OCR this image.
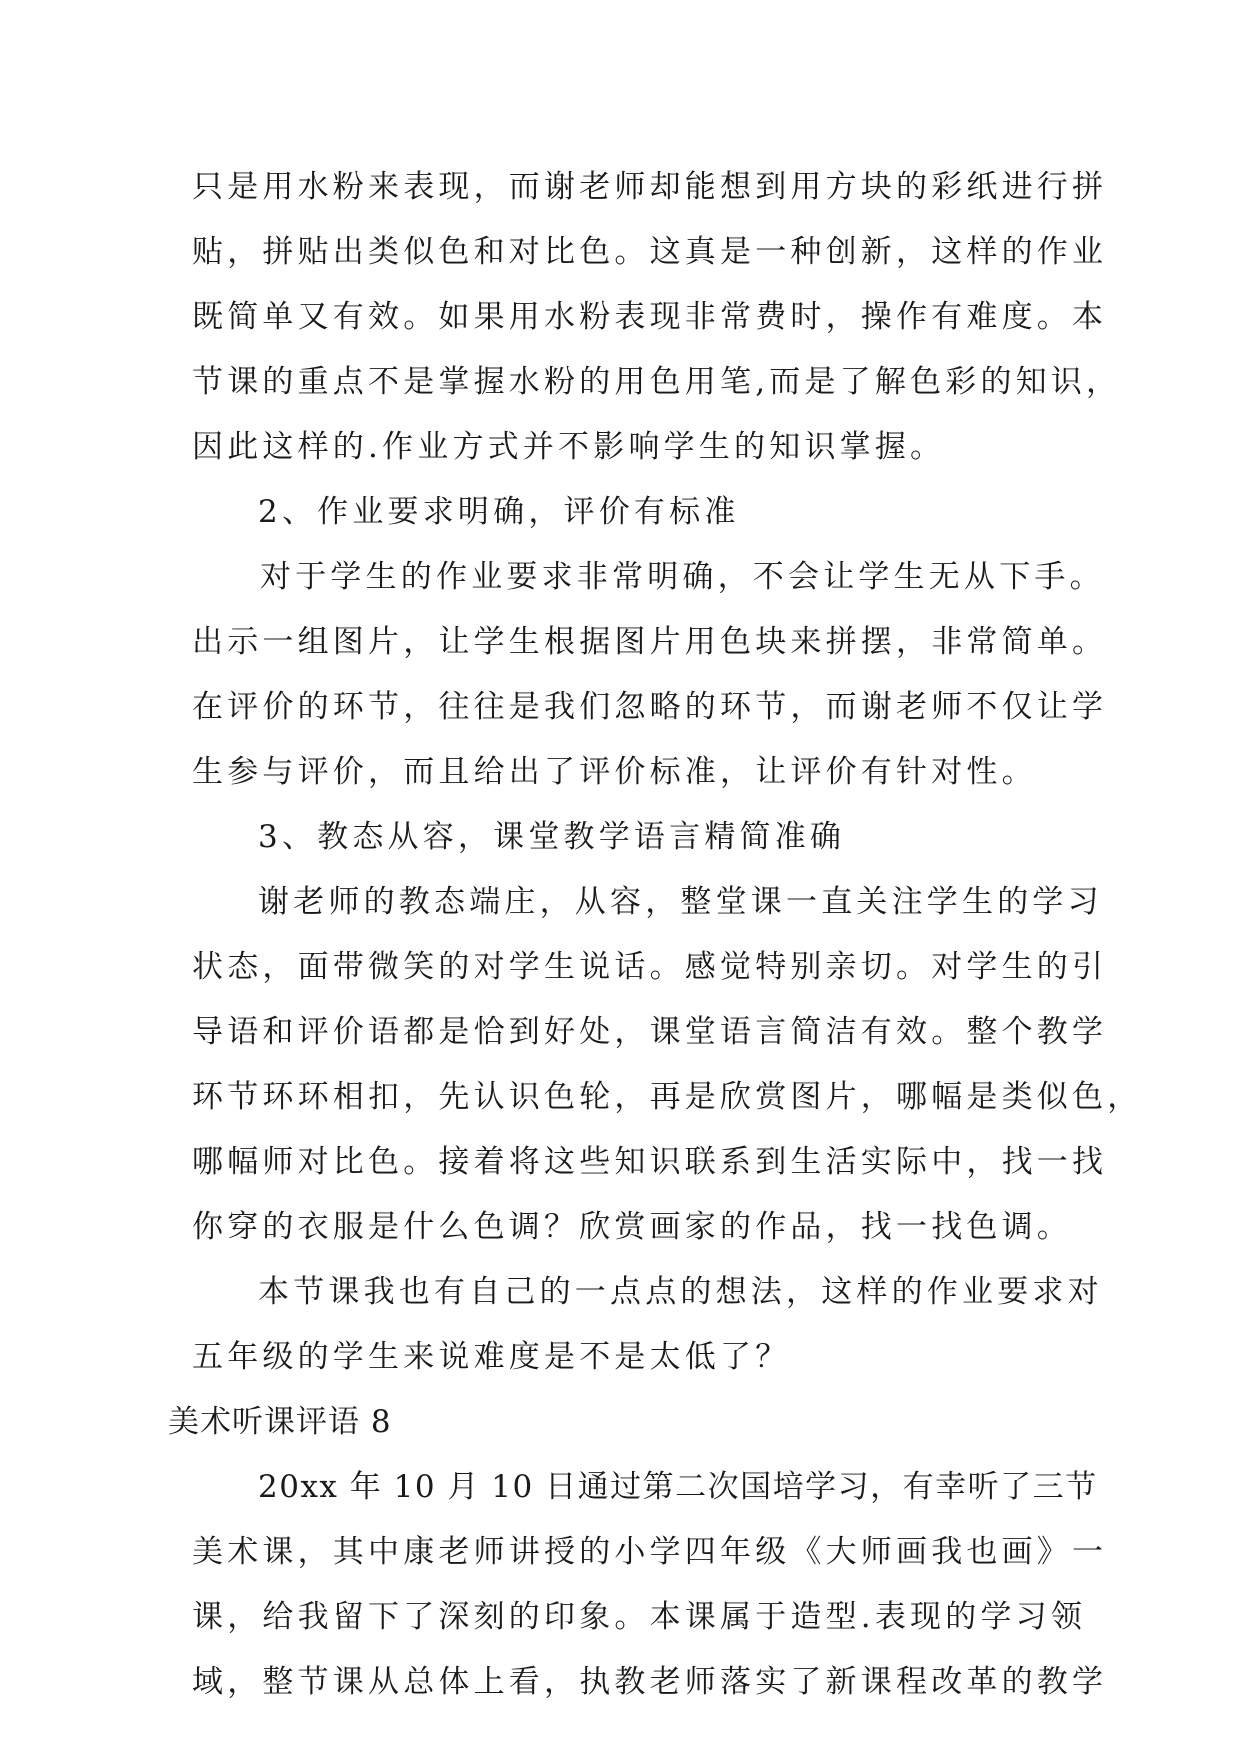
只是用水粉来表现，而谢老师却能想到用方块的彩纸进行拼
贴，拼贴出类似色和对比色。这真是一种创新，这样的作业
既简单又有效。如果用水粉表现非常费时，操作有难度。本
节课的重点不是掌握水粉的用色用笔,而是了解色彩的知识，
因此这样的.作业方式并不影响学生的知识掌握。
2、作业要求明确，评价有标准
对于学生的作业要求非常明确，不会让学生无从下手。
出示一组图片，让学生根据图片用色块来拼摆，非常简单。
在评价的环节，往往是我们忽略的环节，而谢老师不仅让学
生参与评价，而且给出了评价标准，让评价有针对性。
3、教态从容，课堂教学语言精简准确
谢老师的教态端庄，从容，整堂课一直关注学生的学习
状态，面带微笑的对学生说话。感觉特别亲切。对学生的引
导语和评价语都是恰到好处，课堂语言简洁有效。整个教学
环节环环相扣，先认识色轮，再是欣赏图片，哪幅是类似色，
哪幅师对比色。接着将这些知识联系到生活实际中，找一找
你穿的衣服是什么色调？欣赏画家的作品，找一找色调。
本节课我也有自己的一点点的想法，这样的作业要求对
五年级的学生来说难度是不是太低了？
美术听课评语 8
20xx 年 10 月 10 日通过第二次国培学习，有幸听了三节
美术课，其中康老师讲授的小学四年级《大师画我也画》一
课，给我留下了深刻的印象。本课属于造型.表现的学习领
域，整节课从总体上看，执教老师落实了新课程改革的教学
